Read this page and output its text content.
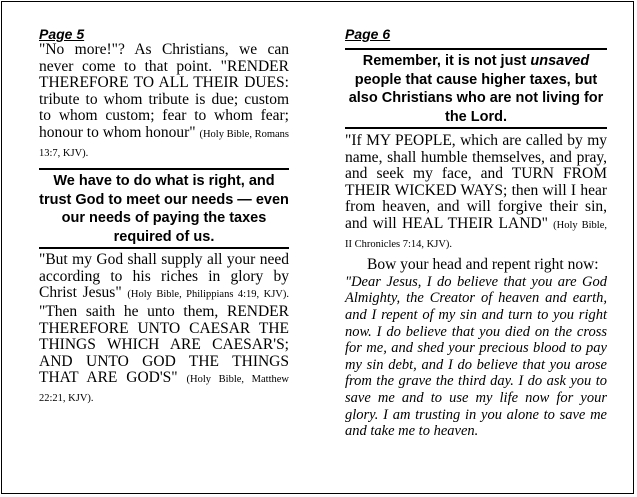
Page 5
"No more!"? As Christians, we can never come to that point. "RENDER THEREFORE TO ALL THEIR DUES: tribute to whom tribute is due; custom to whom custom; fear to whom fear; honour to whom honour" (Holy Bible, Romans 13:7, KJV).
We have to do what is right, and trust God to meet our needs — even our needs of paying the taxes required of us.
"But my God shall supply all your need according to his riches in glory by Christ Jesus" (Holy Bible, Philippians 4:19, KJV). "Then saith he unto them, RENDER THEREFORE UNTO CAESAR THE THINGS WHICH ARE CAESAR'S; AND UNTO GOD THE THINGS THAT ARE GOD'S" (Holy Bible, Matthew 22:21, KJV).
Page 6
Remember, it is not just unsaved people that cause higher taxes, but also Christians who are not living for the Lord.
"If MY PEOPLE, which are called by my name, shall humble themselves, and pray, and seek my face, and TURN FROM THEIR WICKED WAYS; then will I hear from heaven, and will forgive their sin, and will HEAL THEIR LAND" (Holy Bible, II Chronicles 7:14, KJV).
Bow your head and repent right now:
"Dear Jesus, I do believe that you are God Almighty, the Creator of heaven and earth, and I repent of my sin and turn to you right now. I do believe that you died on the cross for me, and shed your precious blood to pay my sin debt, and I do believe that you arose from the grave the third day. I do ask you to save me and to use my life now for your glory. I am trusting in you alone to save me and take me to heaven.
